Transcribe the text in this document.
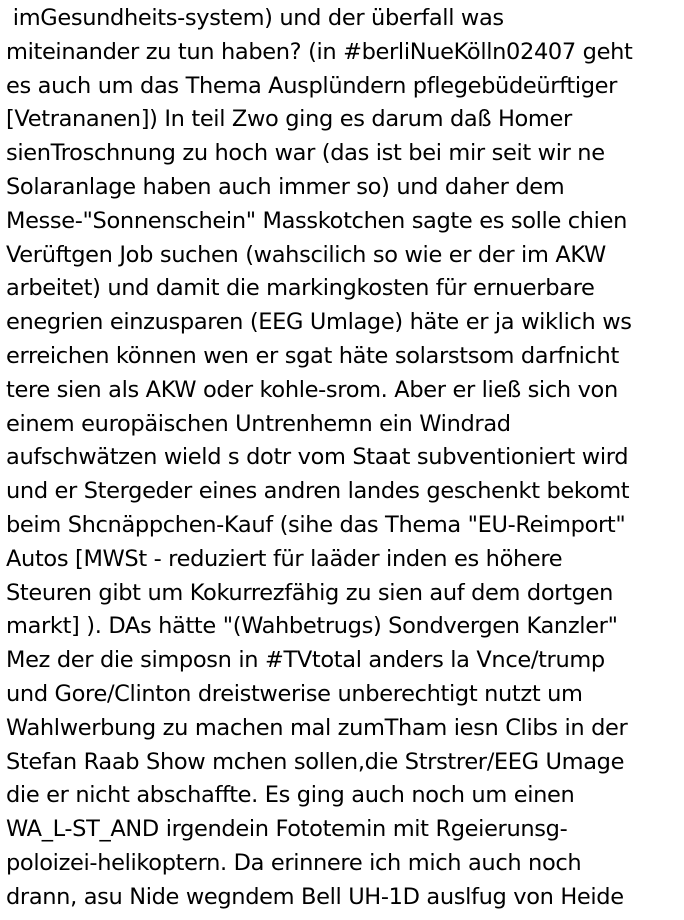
imGesundheits-system) und der überfall was
miteinander zu tun haben? (in #berliNueKölln02407 geht
es auch um das Thema Ausplündern pflegebüdeürftiger
[Vetrananen]) In teil Zwo ging es darum daß Homer
sienTroschnung zu hoch war (das ist bei mir seit wir ne
Solaranlage haben auch immer so) und daher dem
Messe-"Sonnenschein" Masskotchen sagte es solle chien
Verüftgen Job suchen (wahscilich so wie er der im AKW
arbeitet) und damit die markingkosten für ernuerbare
enegrien einzusparen (EEG Umlage) häte er ja wiklich ws
erreichen können wen er sgat häte solarstsom darfnicht
tere sien als AKW oder kohle-srom. Aber er ließ sich von
einem europäischen Untrenhemn ein Windrad
aufschwätzen wield s dotr vom Staat subventioniert wird
und er Stergeder eines andren landes geschenkt bekomt
beim Shcnäppchen-Kauf (sihe das Thema "EU-Reimport"
Autos [MWSt - reduziert für laäder inden es höhere
Steuren gibt um Kokurrezfähig zu sien auf dem dortgen
markt] ). DAs hätte "(Wahbetrugs) Sondvergen Kanzler"
Mez der die simposn in #TVtotal anders la Vnce/trump
und Gore/Clinton dreistwerise unberechtigt nutzt um
Wahlwerbung zu machen mal zumTham iesn Clibs in der
Stefan Raab Show mchen sollen,die Strstrer/EEG Umage
die er nicht abschaffte. Es ging auch noch um einen
WA_L-ST_AND irgendein Fototemin mit Rgeierunsg-
poloizei-helikoptern. Da erinnere ich mich auch noch
drann, asu Nide wegndem Bell UH-1D auslfug von Heide
